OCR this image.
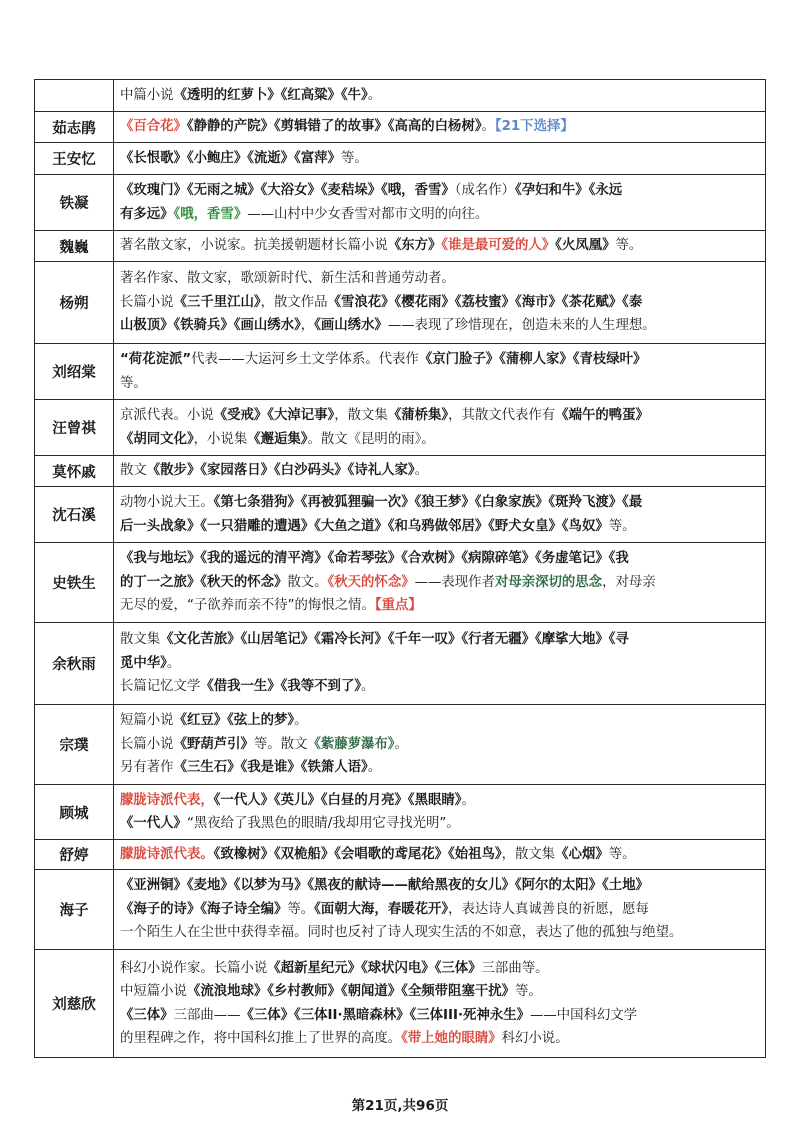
	中篇小说《透明的红萝卜》《红高粱》《牛》。

茹志鹃	《百合花》《静静的产院》《剪辑错了的故事》《高高的白杨树》。【21下选择】

王安忆	《长恨歌》《小鲍庄》《流逝》《富萍》等。

铁凝	《玫瑰门》《无雨之城》《大浴女》《麦秸垛》《哦，香雪》（成名作）《孕妇和牛》《永远
有多远》《哦，香雪》——山村中少女香雪对都市文明的向往。

魏巍	著名散文家，小说家。抗美援朝题材长篇小说《东方》《谁是最可爱的人》《火凤凰》等。

杨朔	著名作家、散文家，歌颂新时代、新生活和普通劳动者。
长篇小说《三千里江山》，散文作品《雪浪花》《樱花雨》《荔枝蜜》《海市》《茶花赋》《泰
山极顶》《铁骑兵》《画山绣水》，《画山绣水》——表现了珍惜现在，创造未来的人生理想。

刘绍棠	“荷花淀派”代表——大运河乡土文学体系。代表作《京门脸子》《蒲柳人家》《青枝绿叶》
等。

汪曾祺	京派代表。小说《受戒》《大淖记事》，散文集《蒲桥集》，其散文代表作有《端午的鸭蛋》
《胡同文化》，小说集《邂逅集》。散文《昆明的雨》。

莫怀戚	散文《散步》《家园落日》《白沙码头》《诗礼人家》。

沈石溪	动物小说大王。《第七条猎狗》《再被狐狸骗一次》《狼王梦》《白象家族》《斑羚飞渡》《最
后一头战象》《一只猎雕的遭遇》《大鱼之道》《和乌鸦做邻居》《野犬女皇》《鸟奴》等。

史铁生	《我与地坛》《我的遥远的清平湾》《命若琴弦》《合欢树》《病隙碎笔》《务虚笔记》《我
的丁一之旅》《秋天的怀念》散文。《秋天的怀念》——表现作者对母亲深切的思念，对母亲
无尽的爱，“子欲养而亲不待”的悔恨之情。【重点】

余秋雨	散文集《文化苦旅》《山居笔记》《霜冷长河》《千年一叹》《行者无疆》《摩挲大地》《寻
觅中华》。
长篇记忆文学《借我一生》《我等不到了》。

宗璞	短篇小说《红豆》《弦上的梦》。
长篇小说《野葫芦引》等。散文《紫藤萝瀑布》。
另有著作《三生石》《我是谁》《铁箫人语》。

顾城	朦胧诗派代表，《一代人》《英儿》《白昼的月亮》《黑眼睛》。
《一代人》“黑夜给了我黑色的眼睛/我却用它寻找光明”。

舒婷	朦胧诗派代表。《致橡树》《双桅船》《会唱歌的鸢尾花》《始祖鸟》，散文集《心烟》等。

海子	《亚洲铜》《麦地》《以梦为马》《黑夜的献诗——献给黑夜的女儿》《阿尔的太阳》《土地》
《海子的诗》《海子诗全编》等。《面朝大海，春暖花开》，表达诗人真诚善良的祈愿，愿每
一个陌生人在尘世中获得幸福。同时也反衬了诗人现实生活的不如意，表达了他的孤独与绝望。

刘慈欣	科幻小说作家。长篇小说《超新星纪元》《球状闪电》《三体》三部曲等。
中短篇小说《流浪地球》《乡村教师》《朝闻道》《全频带阻塞干扰》等。
《三体》三部曲——《三体》《三体II·黑暗森林》《三体III·死神永生》——中国科幻文学
的里程碑之作，将中国科幻推上了世界的高度。《带上她的眼睛》科幻小说。
第21页,共96页
